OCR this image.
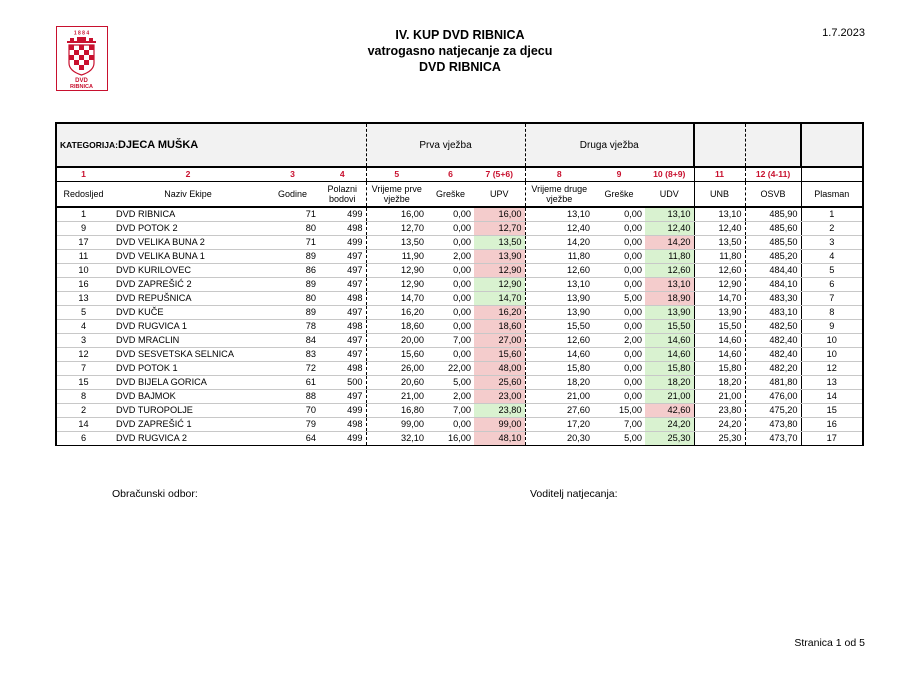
1 8 8 4
DVD
RIBNICA
IV. KUP DVD RIBNICA
vatrogasno natjecanje za djecu
DVD RIBNICA
1.7.2023
KATEGORIJA:DJECA MUŠKA				Prva vježba			Druga vježba					
1	2	3	4	5	6	7 (5+6)	8	9	10 (8+9)	11	12 (4-11)	
Redosljed	Naziv Ekipe	Godine	Polazni bodovi	Vrijeme prve vježbe	Greške	UPV	Vrijeme druge vježbe	Greške	UDV	UNB	OSVB	Plasman
1	DVD RIBNICA	71	499	16,00	0,00	16,00	13,10	0,00	13,10	13,10	485,90	1
9	DVD POTOK 2	80	498	12,70	0,00	12,70	12,40	0,00	12,40	12,40	485,60	2
17	DVD VELIKA BUNA 2	71	499	13,50	0,00	13,50	14,20	0,00	14,20	13,50	485,50	3
11	DVD VELIKA BUNA 1	89	497	11,90	2,00	13,90	11,80	0,00	11,80	11,80	485,20	4
10	DVD KURILOVEC	86	497	12,90	0,00	12,90	12,60	0,00	12,60	12,60	484,40	5
16	DVD ZAPREŠIĆ 2	89	497	12,90	0,00	12,90	13,10	0,00	13,10	12,90	484,10	6
13	DVD REPUŠNICA	80	498	14,70	0,00	14,70	13,90	5,00	18,90	14,70	483,30	7
5	DVD KUČE	89	497	16,20	0,00	16,20	13,90	0,00	13,90	13,90	483,10	8
4	DVD RUGVICA 1	78	498	18,60	0,00	18,60	15,50	0,00	15,50	15,50	482,50	9
3	DVD MRACLIN	84	497	20,00	7,00	27,00	12,60	2,00	14,60	14,60	482,40	10
12	DVD SESVETSKA SELNICA	83	497	15,60	0,00	15,60	14,60	0,00	14,60	14,60	482,40	10
7	DVD POTOK 1	72	498	26,00	22,00	48,00	15,80	0,00	15,80	15,80	482,20	12
15	DVD BIJELA GORICA	61	500	20,60	5,00	25,60	18,20	0,00	18,20	18,20	481,80	13
8	DVD BAJMOK	88	497	21,00	2,00	23,00	21,00	0,00	21,00	21,00	476,00	14
2	DVD TUROPOLJE	70	499	16,80	7,00	23,80	27,60	15,00	42,60	23,80	475,20	15
14	DVD ZAPREŠIĆ 1	79	498	99,00	0,00	99,00	17,20	7,00	24,20	24,20	473,80	16
6	DVD RUGVICA 2	64	499	32,10	16,00	48,10	20,30	5,00	25,30	25,30	473,70	17
Obračunski odbor:	Voditelj natjecanja:
Stranica 1 od 5
